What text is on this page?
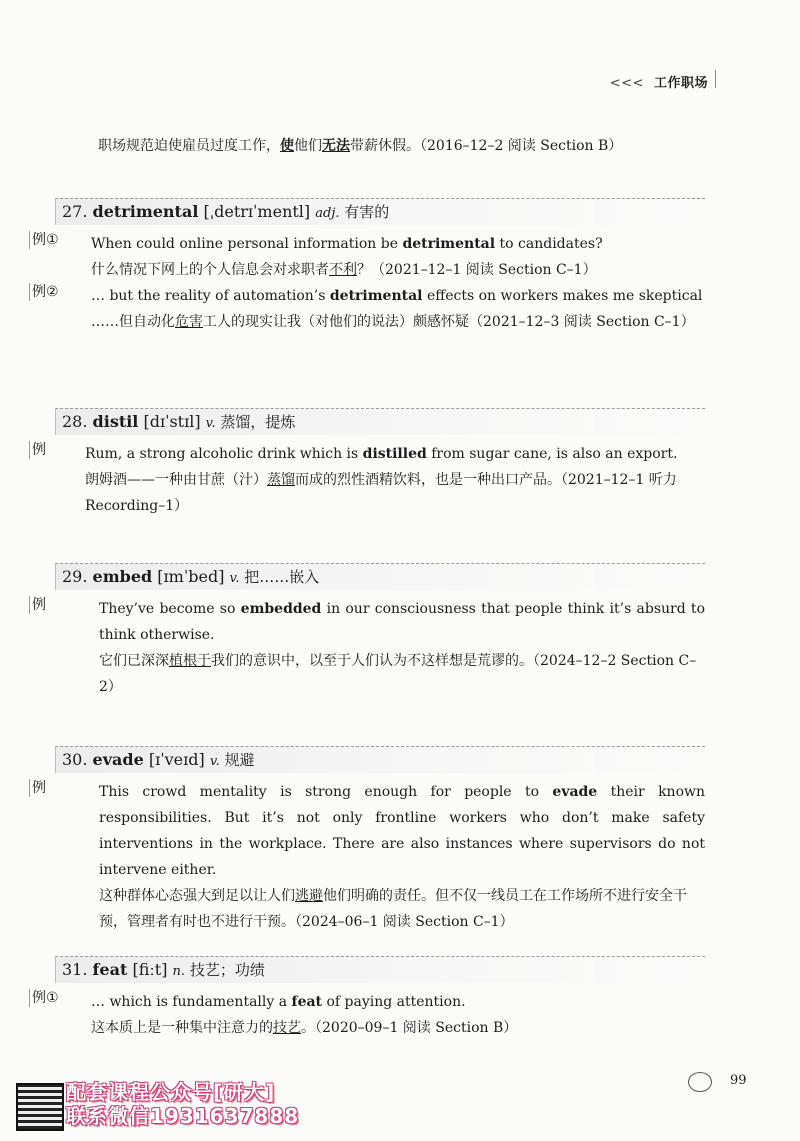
<<< 工作职场
职场规范迫使雇员过度工作，使他们无法带薪休假。（2016–12–2 阅读 Section B）
27. detrimental [ˌdetrɪˈmentl] adj. 有害的
例① When could online personal information be detrimental to candidates?
什么情况下网上的个人信息会对求职者不利？（2021–12–1 阅读 Section C–1）
例② … but the reality of automation’s detrimental effects on workers makes me skeptical
……但自动化危害工人的现实让我（对他们的说法）颇感怀疑（2021–12–3 阅读 Section C–1）
28. distil [dɪˈstɪl] v. 蒸馏，提炼
例	Rum, a strong alcoholic drink which is distilled from sugar cane, is also an export.
朗姆酒——一种由甘蔗（汁）蒸馏而成的烈性酒精饮料，也是一种出口产品。（2021–12–1 听力 Recording–1）
29. embed [ɪmˈbed] v. 把……嵌入
例	They’ve become so embedded in our consciousness that people think it’s absurd to think otherwise.
它们已深深植根于我们的意识中，以至于人们认为不这样想是荒谬的。（2024–12–2 Section C–2）
30. evade [ɪˈveɪd] v. 规避
例	This crowd mentality is strong enough for people to evade their known responsibilities. But it’s not only frontline workers who don’t make safety interventions in the workplace. There are also instances where supervisors do not intervene either.
这种群体心态强大到足以让人们逃避他们明确的责任。但不仅一线员工在工作场所不进行安全干预，管理者有时也不进行干预。（2024–06–1 阅读 Section C–1）
31. feat [fiːt] n. 技艺；功绩
例① … which is fundamentally a feat of paying attention.
这本质上是一种集中注意力的技艺。（2020–09–1 阅读 Section B）
99
配套课程公众号[研大]
联系微信1931637888
